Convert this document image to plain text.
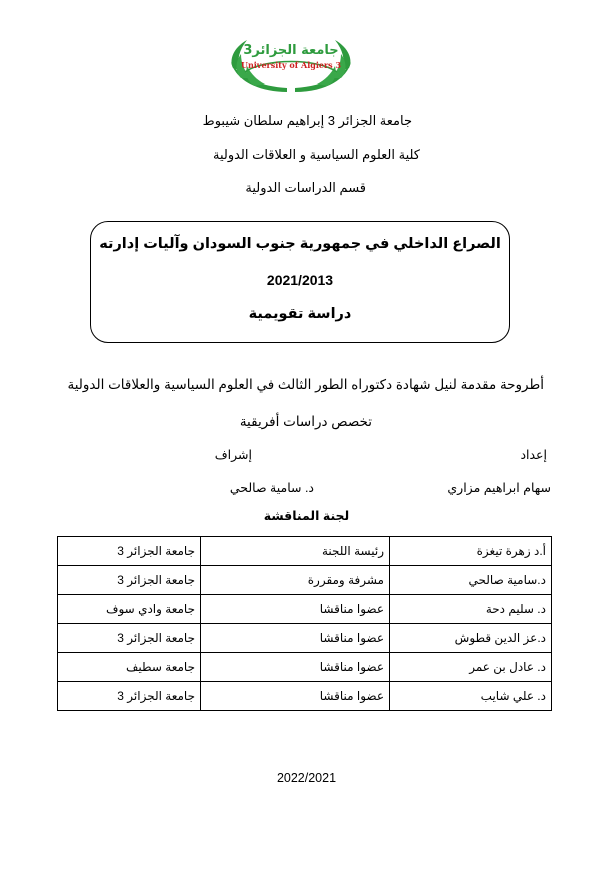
جامعة الجزائر3
University of Algiers 3
جامعة الجزائر 3 إبراهيم سلطان شيبوط
كلية العلوم السياسية و العلاقات الدولية
قسم الدراسات الدولية
الصراع الداخلي في جمهورية جنوب السودان وآليات إدارته
2021/2013
دراسة تقويمية
أطروحة مقدمة لنيل شهادة دكتوراه الطور الثالث في العلوم السياسية والعلاقات الدولية
تخصص دراسات أفريقية
إعداد
إشراف
سهام ابراهيم مزاري
د. سامية صالحي
لجنة المناقشة
أ.د زهرة تيغزة	رئيسة اللجنة	جامعة الجزائر 3
د.سامية صالحي	مشرفة ومقررة	جامعة الجزائر 3
د. سليم دحة	عضوا مناقشا	جامعة وادي سوف
د.عز الدين قطوش	عضوا مناقشا	جامعة الجزائر 3
د. عادل بن عمر	عضوا مناقشا	جامعة سطيف
د. علي شايب	عضوا مناقشا	جامعة الجزائر 3
2022/2021
